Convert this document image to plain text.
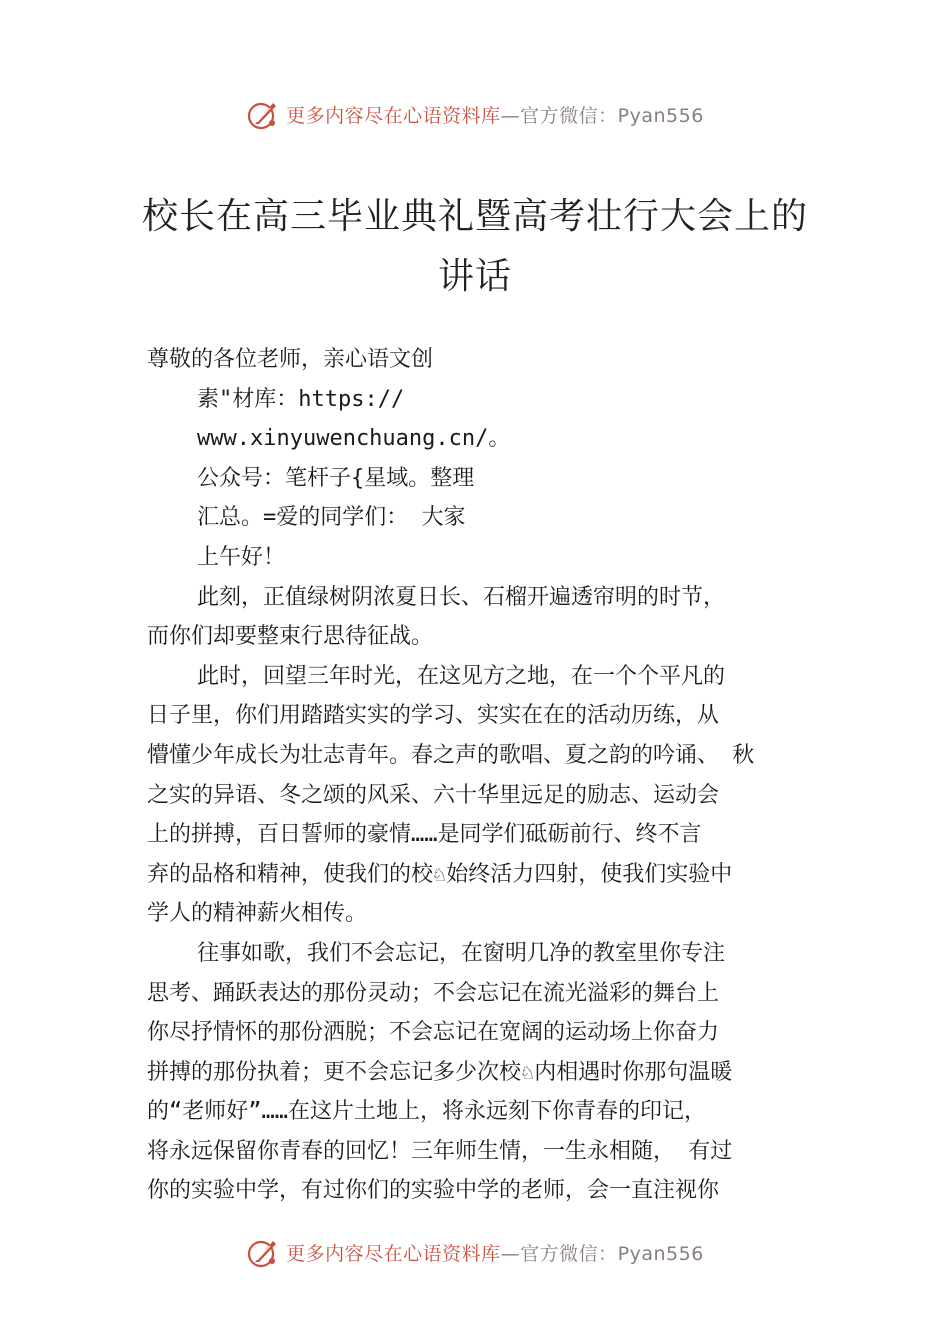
更多内容尽在心语资料库—官方微信：Pyan556
校长在高三毕业典礼暨高考壮行大会上的
讲话
尊敬的各位老师，亲心语文创
素"材库：https://
www.xinyuwenchuang.cn/。
公众号：笔杆子{星域。整理
汇总。=爱的同学们： 大家
上午好！
此刻，正值绿树阴浓夏日长、石榴开遍透帘明的时节，
而你们却要整束行思待征战。
此时，回望三年时光，在这见方之地，在一个个平凡的
日子里，你们用踏踏实实的学习、实实在在的活动历练，从
懵懂少年成长为壮志青年。春之声的歌唱、夏之韵的吟诵、 秋
之实的异语、冬之颂的风采、六十华里远足的励志、运动会
上的拼搏，百日誓师的豪情……是同学们砥砺前行、终不言
弃的品格和精神，使我们的校♘始终活力四射，使我们实验中
学人的精神薪火相传。
往事如歌，我们不会忘记，在窗明几净的教室里你专注
思考、踊跃表达的那份灵动；不会忘记在流光溢彩的舞台上
你尽抒情怀的那份洒脱；不会忘记在宽阔的运动场上你奋力
拼搏的那份执着；更不会忘记多少次校♘内相遇时你那句温暖
的“老师好”……在这片土地上，将永远刻下你青春的印记，
将永远保留你青春的回忆！三年师生情，一生永相随， 有过
你的实验中学，有过你们的实验中学的老师，会一直注视你
更多内容尽在心语资料库—官方微信：Pyan556
